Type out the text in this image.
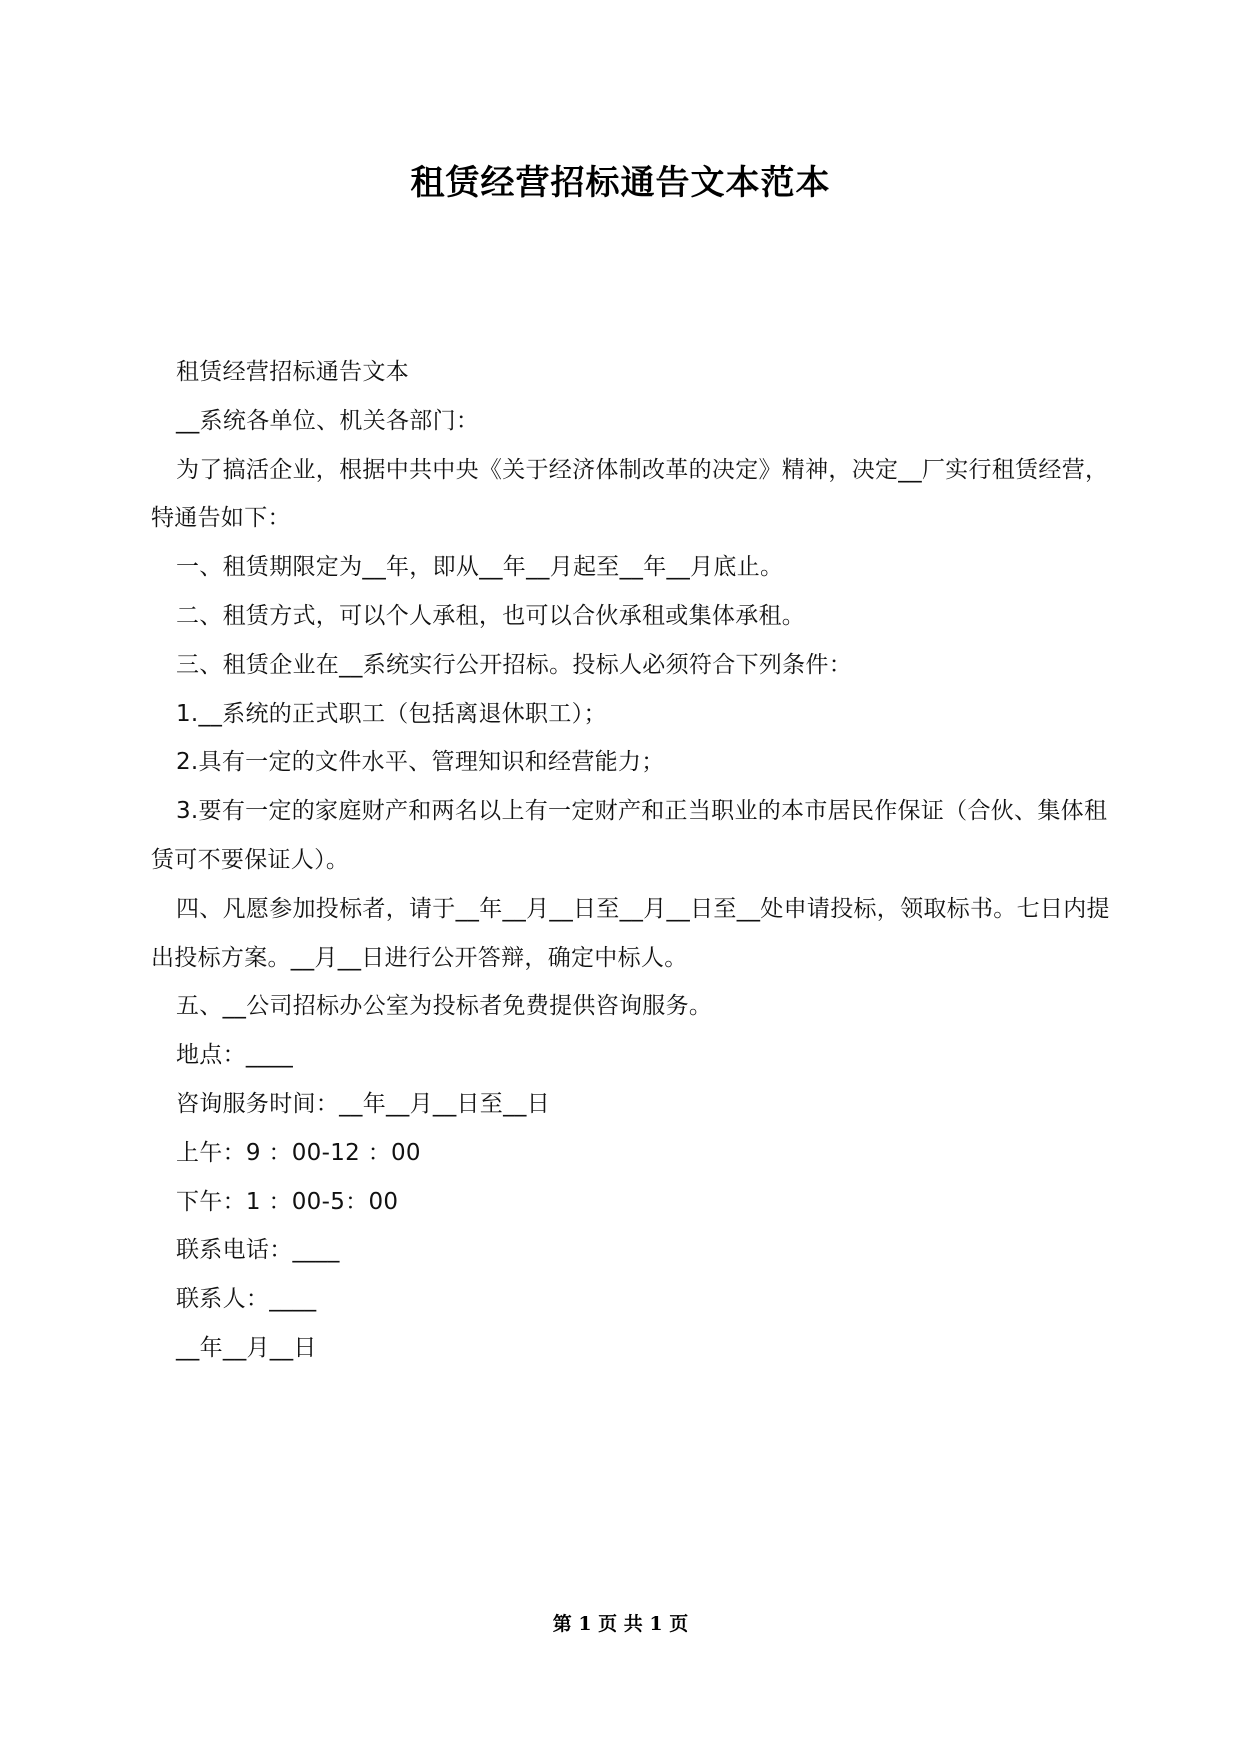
租赁经营招标通告文本范本

租赁经营招标通告文本

__系统各单位、机关各部门：

为了搞活企业，根据中共中央《关于经济体制改革的决定》精神，决定__厂实行租赁经营，特通告如下：

一、租赁期限定为__年，即从__年__月起至__年__月底止。

二、租赁方式，可以个人承租，也可以合伙承租或集体承租。

三、租赁企业在__系统实行公开招标。投标人必须符合下列条件：

1.__系统的正式职工（包括离退休职工）；

2.具有一定的文件水平、管理知识和经营能力；

3.要有一定的家庭财产和两名以上有一定财产和正当职业的本市居民作保证（合伙、集体租赁可不要保证人）。

四、凡愿参加投标者，请于__年__月__日至__月__日至__处申请投标，领取标书。七日内提出投标方案。__月__日进行公开答辩，确定中标人。

五、__公司招标办公室为投标者免费提供咨询服务。

地点：____

咨询服务时间：__年__月__日至__日

上午：9 ：00-12 ：00

下午：1 ：00-5：00

联系电话：____

联系人：____

__年__月__日

第 1 页 共 1 页
